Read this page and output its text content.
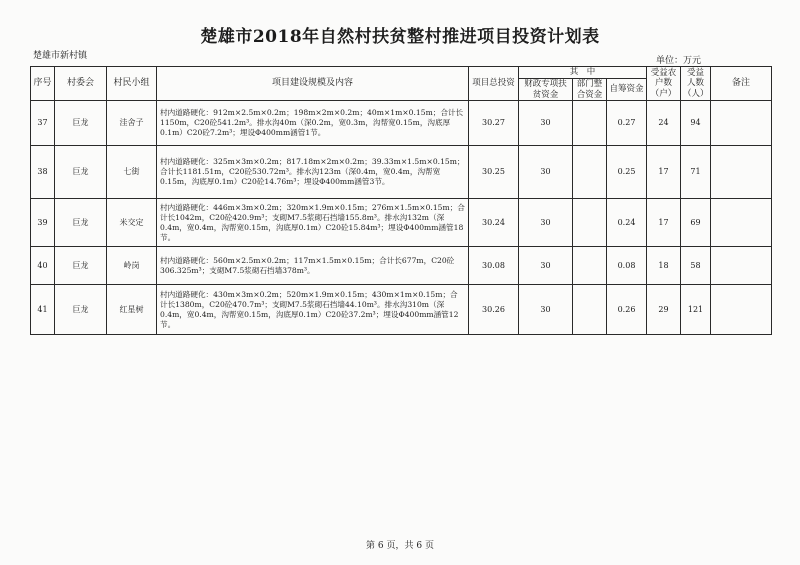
楚雄市2018年自然村扶贫整村推进项目投资计划表
楚雄市新村镇	单位：万元
序号	村委会	村民小组	项目建设规模及内容	项目总投资	其　中			受益农户数（户）	受益人数（人）	备注
					财政专项扶贫资金	部门整合资金	自筹资金			
37	巨龙	洼舍子	村内道路硬化：912m×2.5m×0.2m；198m×2m×0.2m；40m×1m×0.15m；合计长1150m，C20砼541.2m³。排水沟40m（深0.2m，宽0.3m，沟帮宽0.15m，沟底厚0.1m）C20砼7.2m³；埋设Φ400mm涵管1节。	30.27	30		0.27	24	94	
38	巨龙	七街	村内道路硬化：325m×3m×0.2m；817.18m×2m×0.2m；39.33m×1.5m×0.15m；合计长1181.51m，C20砼530.72m³。排水沟123m（深0.4m，宽0.4m，沟帮宽0.15m，沟底厚0.1m）C20砼14.76m³；埋设Φ400mm涵管3节。	30.25	30		0.25	17	71	
39	巨龙	米交定	村内道路硬化：446m×3m×0.2m；320m×1.9m×0.15m；276m×1.5m×0.15m；合计长1042m，C20砼420.9m³；支砌M7.5浆砌石挡墙155.8m³。排水沟132m（深0.4m，宽0.4m，沟帮宽0.15m，沟底厚0.1m）C20砼15.84m³；埋设Φ400mm涵管18节。	30.24	30		0.24	17	69	
40	巨龙	岭岗	村内道路硬化：560m×2.5m×0.2m；117m×1.5m×0.15m；合计长677m，C20砼306.325m³；支砌M7.5浆砌石挡墙378m³。	30.08	30		0.08	18	58	
41	巨龙	红星树	村内道路硬化：430m×3m×0.2m；520m×1.9m×0.15m；430m×1m×0.15m；合计长1380m，C20砼470.7m³；支砌M7.5浆砌石挡墙44.10m³。排水沟310m（深0.4m，宽0.4m，沟帮宽0.15m，沟底厚0.1m）C20砼37.2m³；埋设Φ400mm涵管12节。	30.26	30		0.26	29	121	
第 6 页，共 6 页
